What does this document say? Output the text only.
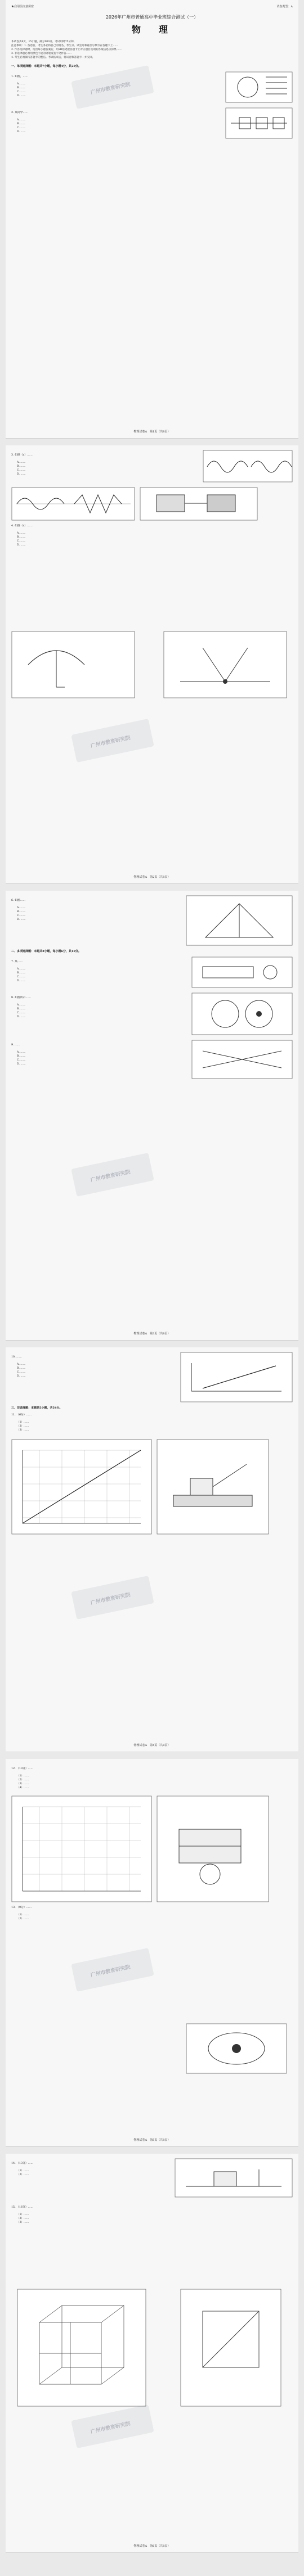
★启用前注意保密	试卷类型：A
2026年广州市普通高中毕业班综合测试（一）
物　理
本试卷共8页，15小题，满分100分。考试用时75分钟。
注意事项：1. 答卷前，考生务必将自己的姓名、考生号、试室号和座位号填写在答题卡上……
2. 作答选择题时，选出每小题答案后，用2B铅笔把答题卡上对应题目选项的答案信息点涂黑……
3. 非选择题必须用黑色字迹的钢笔或签字笔作答……
4. 考生必须保持答题卡的整洁。考试结束后，将试卷和答题卡一并交回。
一、单项选择题：本题共7小题，每小题4分，共28分。
1. 如图，……
A. ……
B. ……
C. ……
D. ……
2. 某同学……
A. ……
B. ……
C. ……
D. ……
广州市教育研究院
物理试卷A　第1页（共8页）
3. 如图（a）……
A. ……
B. ……
C. ……
D. ……
4. 如图（a）……
A. ……
B. ……
C. ……
D. ……
广州市教育研究院
物理试卷A　第2页（共8页）
6. 如图……
A. ……
B. ……
C. ……
D. ……
二、多项选择题：本题共3小题，每小题6分，共18分。
7. 某……
A. ……
B. ……
C. ……
D. ……
8. 如图所示……
A. ……
B. ……
C. ……
D. ……
9. ……
A. ……
B. ……
C. ……
D. ……
广州市教育研究院
物理试卷A　第3页（共8页）
10. ……
A. ……
B. ……
C. ……
D. ……
三、非选择题：本题共5小题，共54分。
11. （6分）……
（1）……
（2）……
（3）……
广州市教育研究院
物理试卷A　第4页（共8页）
12. （10分）……
（1）……
（2）……
（3）……
（4）……
13. （9分）……
（1）……
（2）……
广州市教育研究院
物理试卷A　第5页（共8页）
14. （13分）……
（1）……
（2）……
15. （16分）……
（1）……
（2）……
（3）……
广州市教育研究院
物理试卷A　第6页（共8页）
